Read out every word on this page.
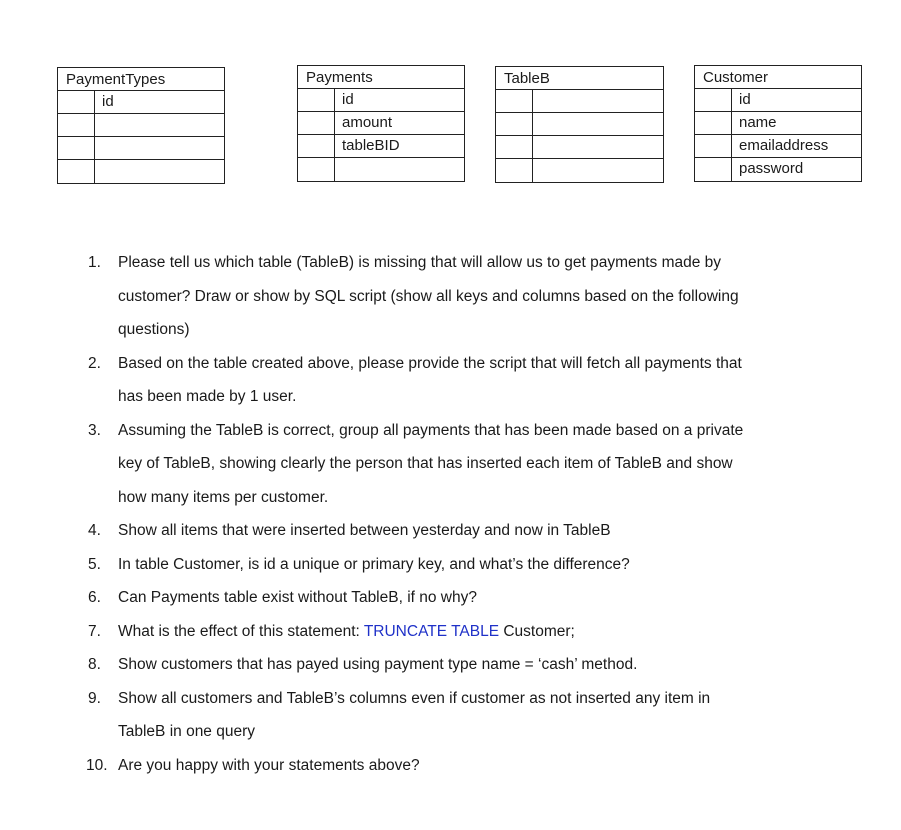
PaymentTypes
id
Payments
id
amount
tableBID
TableB	Customer
id
name
emailaddress
password
1. Please tell us which table (TableB) is missing that will allow us to get payments made by
customer? Draw or show by SQL script (show all keys and columns based on the following
questions)
2. Based on the table created above, please provide the script that will fetch all payments that
has been made by 1 user.
3. Assuming the TableB is correct, group all payments that has been made based on a private
key of TableB, showing clearly the person that has inserted each item of TableB and show
how many items per customer.
4. Show all items that were inserted between yesterday and now in TableB
5. In table Customer, is id a unique or primary key, and what’s the difference?
6. Can Payments table exist without TableB, if no why?
7. What is the effect of this statement: TRUNCATE TABLE Customer;
8. Show customers that has payed using payment type name = ‘cash’ method.
9. Show all customers and TableB’s columns even if customer as not inserted any item in
TableB in one query
10. Are you happy with your statements above?
